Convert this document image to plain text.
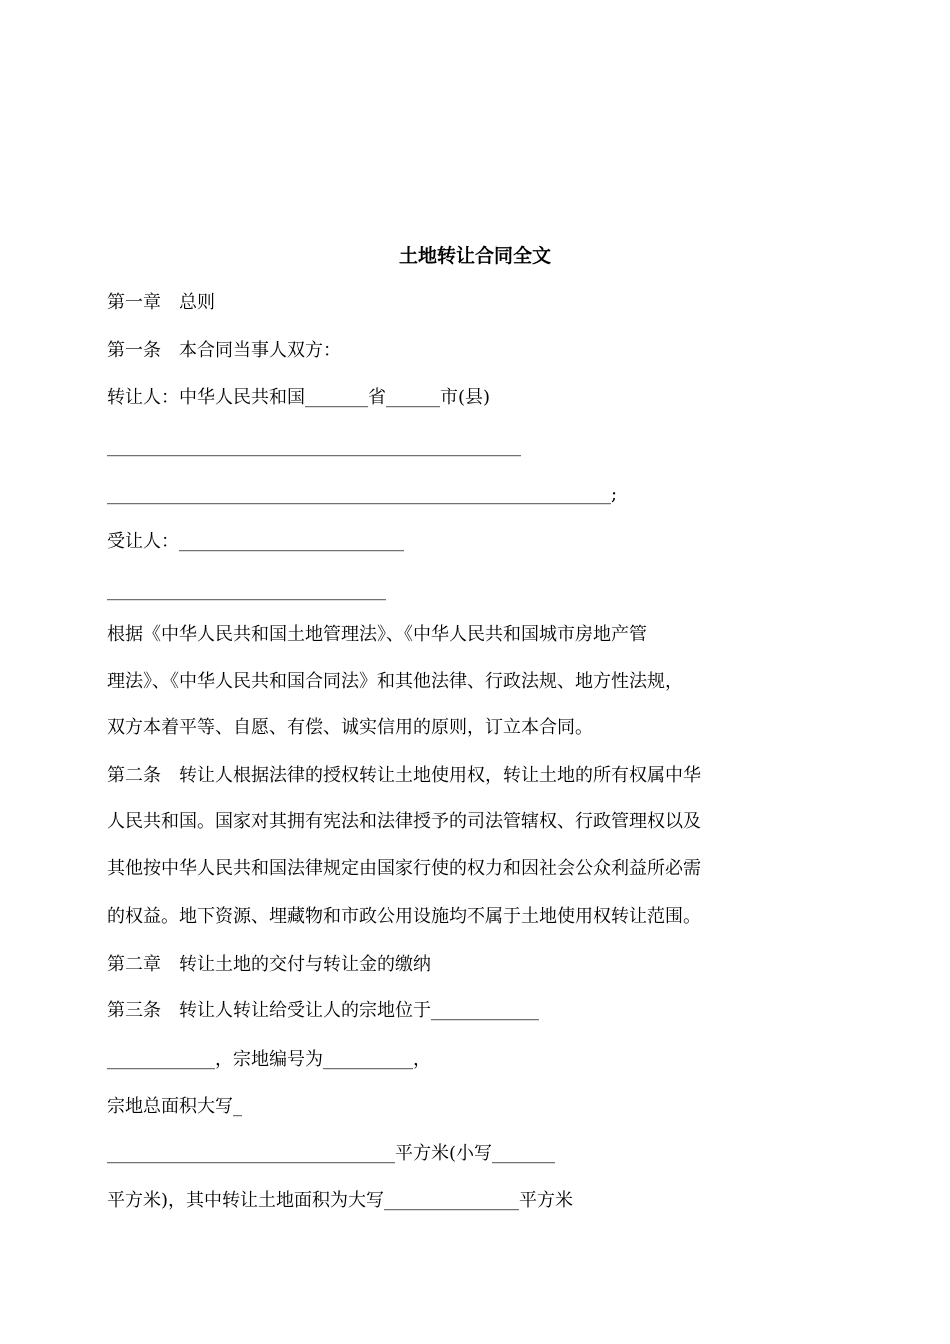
土地转让合同全文
第一章　总则
第一条　本合同当事人双方：
转让人：中华人民共和国_______省______市(县)
______________________________________________
________________________________________________________;
受让人：_________________________
_______________________________
根据《中华人民共和国土地管理法》、《中华人民共和国城市房地产管
理法》、《中华人民共和国合同法》和其他法律、行政法规、地方性法规，
双方本着平等、自愿、有偿、诚实信用的原则，订立本合同。
第二条　转让人根据法律的授权转让土地使用权，转让土地的所有权属中华
人民共和国。国家对其拥有宪法和法律授予的司法管辖权、行政管理权以及
其他按中华人民共和国法律规定由国家行使的权力和因社会公众利益所必需
的权益。地下资源、埋藏物和市政公用设施均不属于土地使用权转让范围。
第二章　转让土地的交付与转让金的缴纳
第三条　转让人转让给受让人的宗地位于____________
____________，宗地编号为__________，
宗地总面积大写_
________________________________平方米(小写_______
平方米)，其中转让土地面积为大写_______________平方米
